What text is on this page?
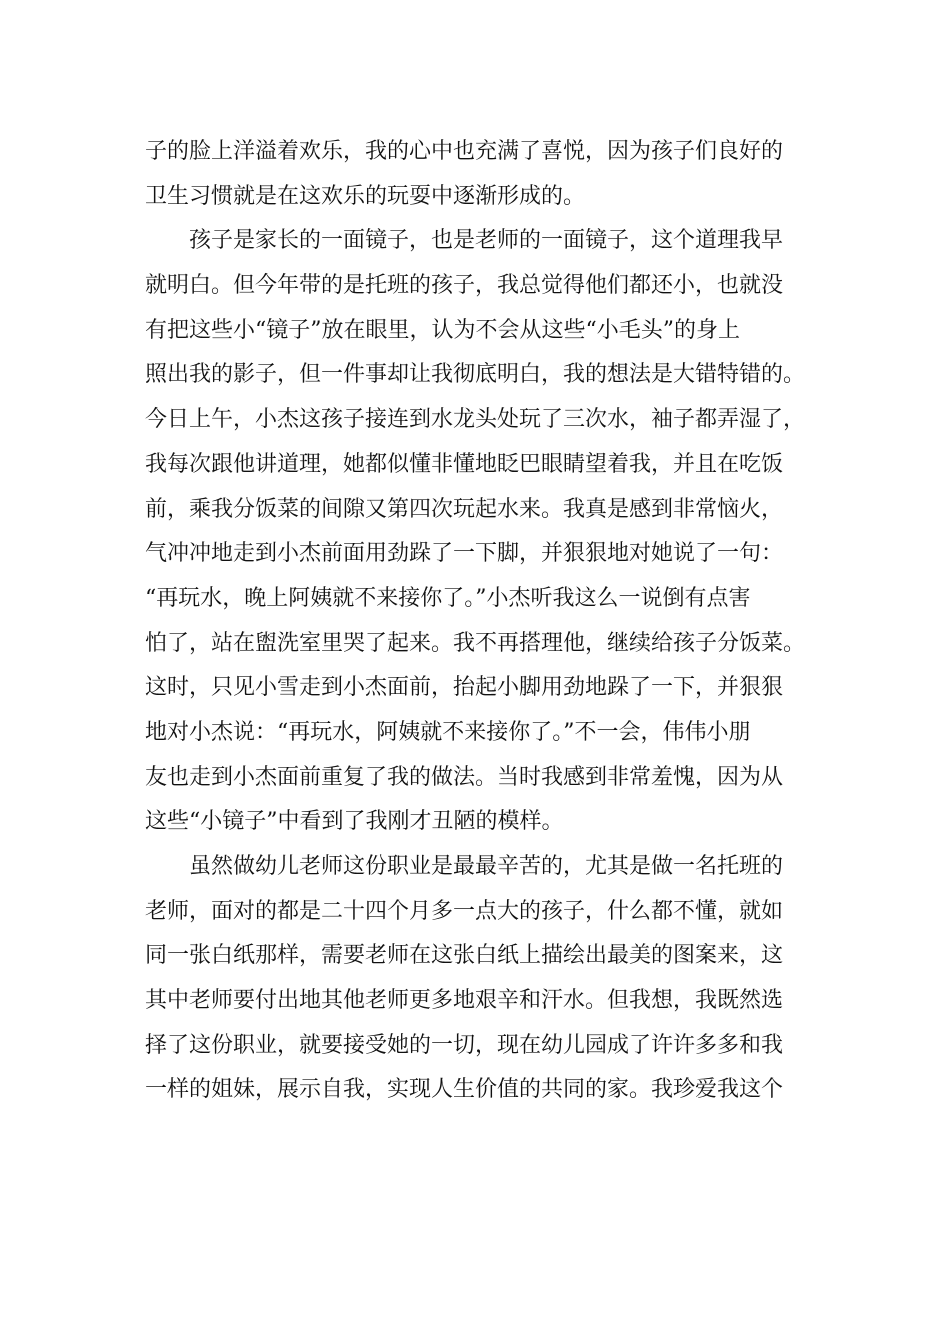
子的脸上洋溢着欢乐，我的心中也充满了喜悦，因为孩子们良好的
卫生习惯就是在这欢乐的玩耍中逐渐形成的。
孩子是家长的一面镜子，也是老师的一面镜子，这个道理我早
就明白。但今年带的是托班的孩子，我总觉得他们都还小，也就没
有把这些小“镜子”放在眼里，认为不会从这些“小毛头”的身上
照出我的影子，但一件事却让我彻底明白，我的想法是大错特错的。
今日上午，小杰这孩子接连到水龙头处玩了三次水，袖子都弄湿了，
我每次跟他讲道理，她都似懂非懂地眨巴眼睛望着我，并且在吃饭
前，乘我分饭菜的间隙又第四次玩起水来。我真是感到非常恼火，
气冲冲地走到小杰前面用劲跺了一下脚，并狠狠地对她说了一句：
“再玩水，晚上阿姨就不来接你了。”小杰听我这么一说倒有点害
怕了，站在盥洗室里哭了起来。我不再搭理他，继续给孩子分饭菜。
这时，只见小雪走到小杰面前，抬起小脚用劲地跺了一下，并狠狠
地对小杰说：“再玩水，阿姨就不来接你了。”不一会，伟伟小朋
友也走到小杰面前重复了我的做法。当时我感到非常羞愧，因为从
这些“小镜子”中看到了我刚才丑陋的模样。
虽然做幼儿老师这份职业是最最辛苦的，尤其是做一名托班的
老师，面对的都是二十四个月多一点大的孩子，什么都不懂，就如
同一张白纸那样，需要老师在这张白纸上描绘出最美的图案来，这
其中老师要付出地其他老师更多地艰辛和汗水。但我想，我既然选
择了这份职业，就要接受她的一切，现在幼儿园成了许许多多和我
一样的姐妹，展示自我，实现人生价值的共同的家。我珍爱我这个
